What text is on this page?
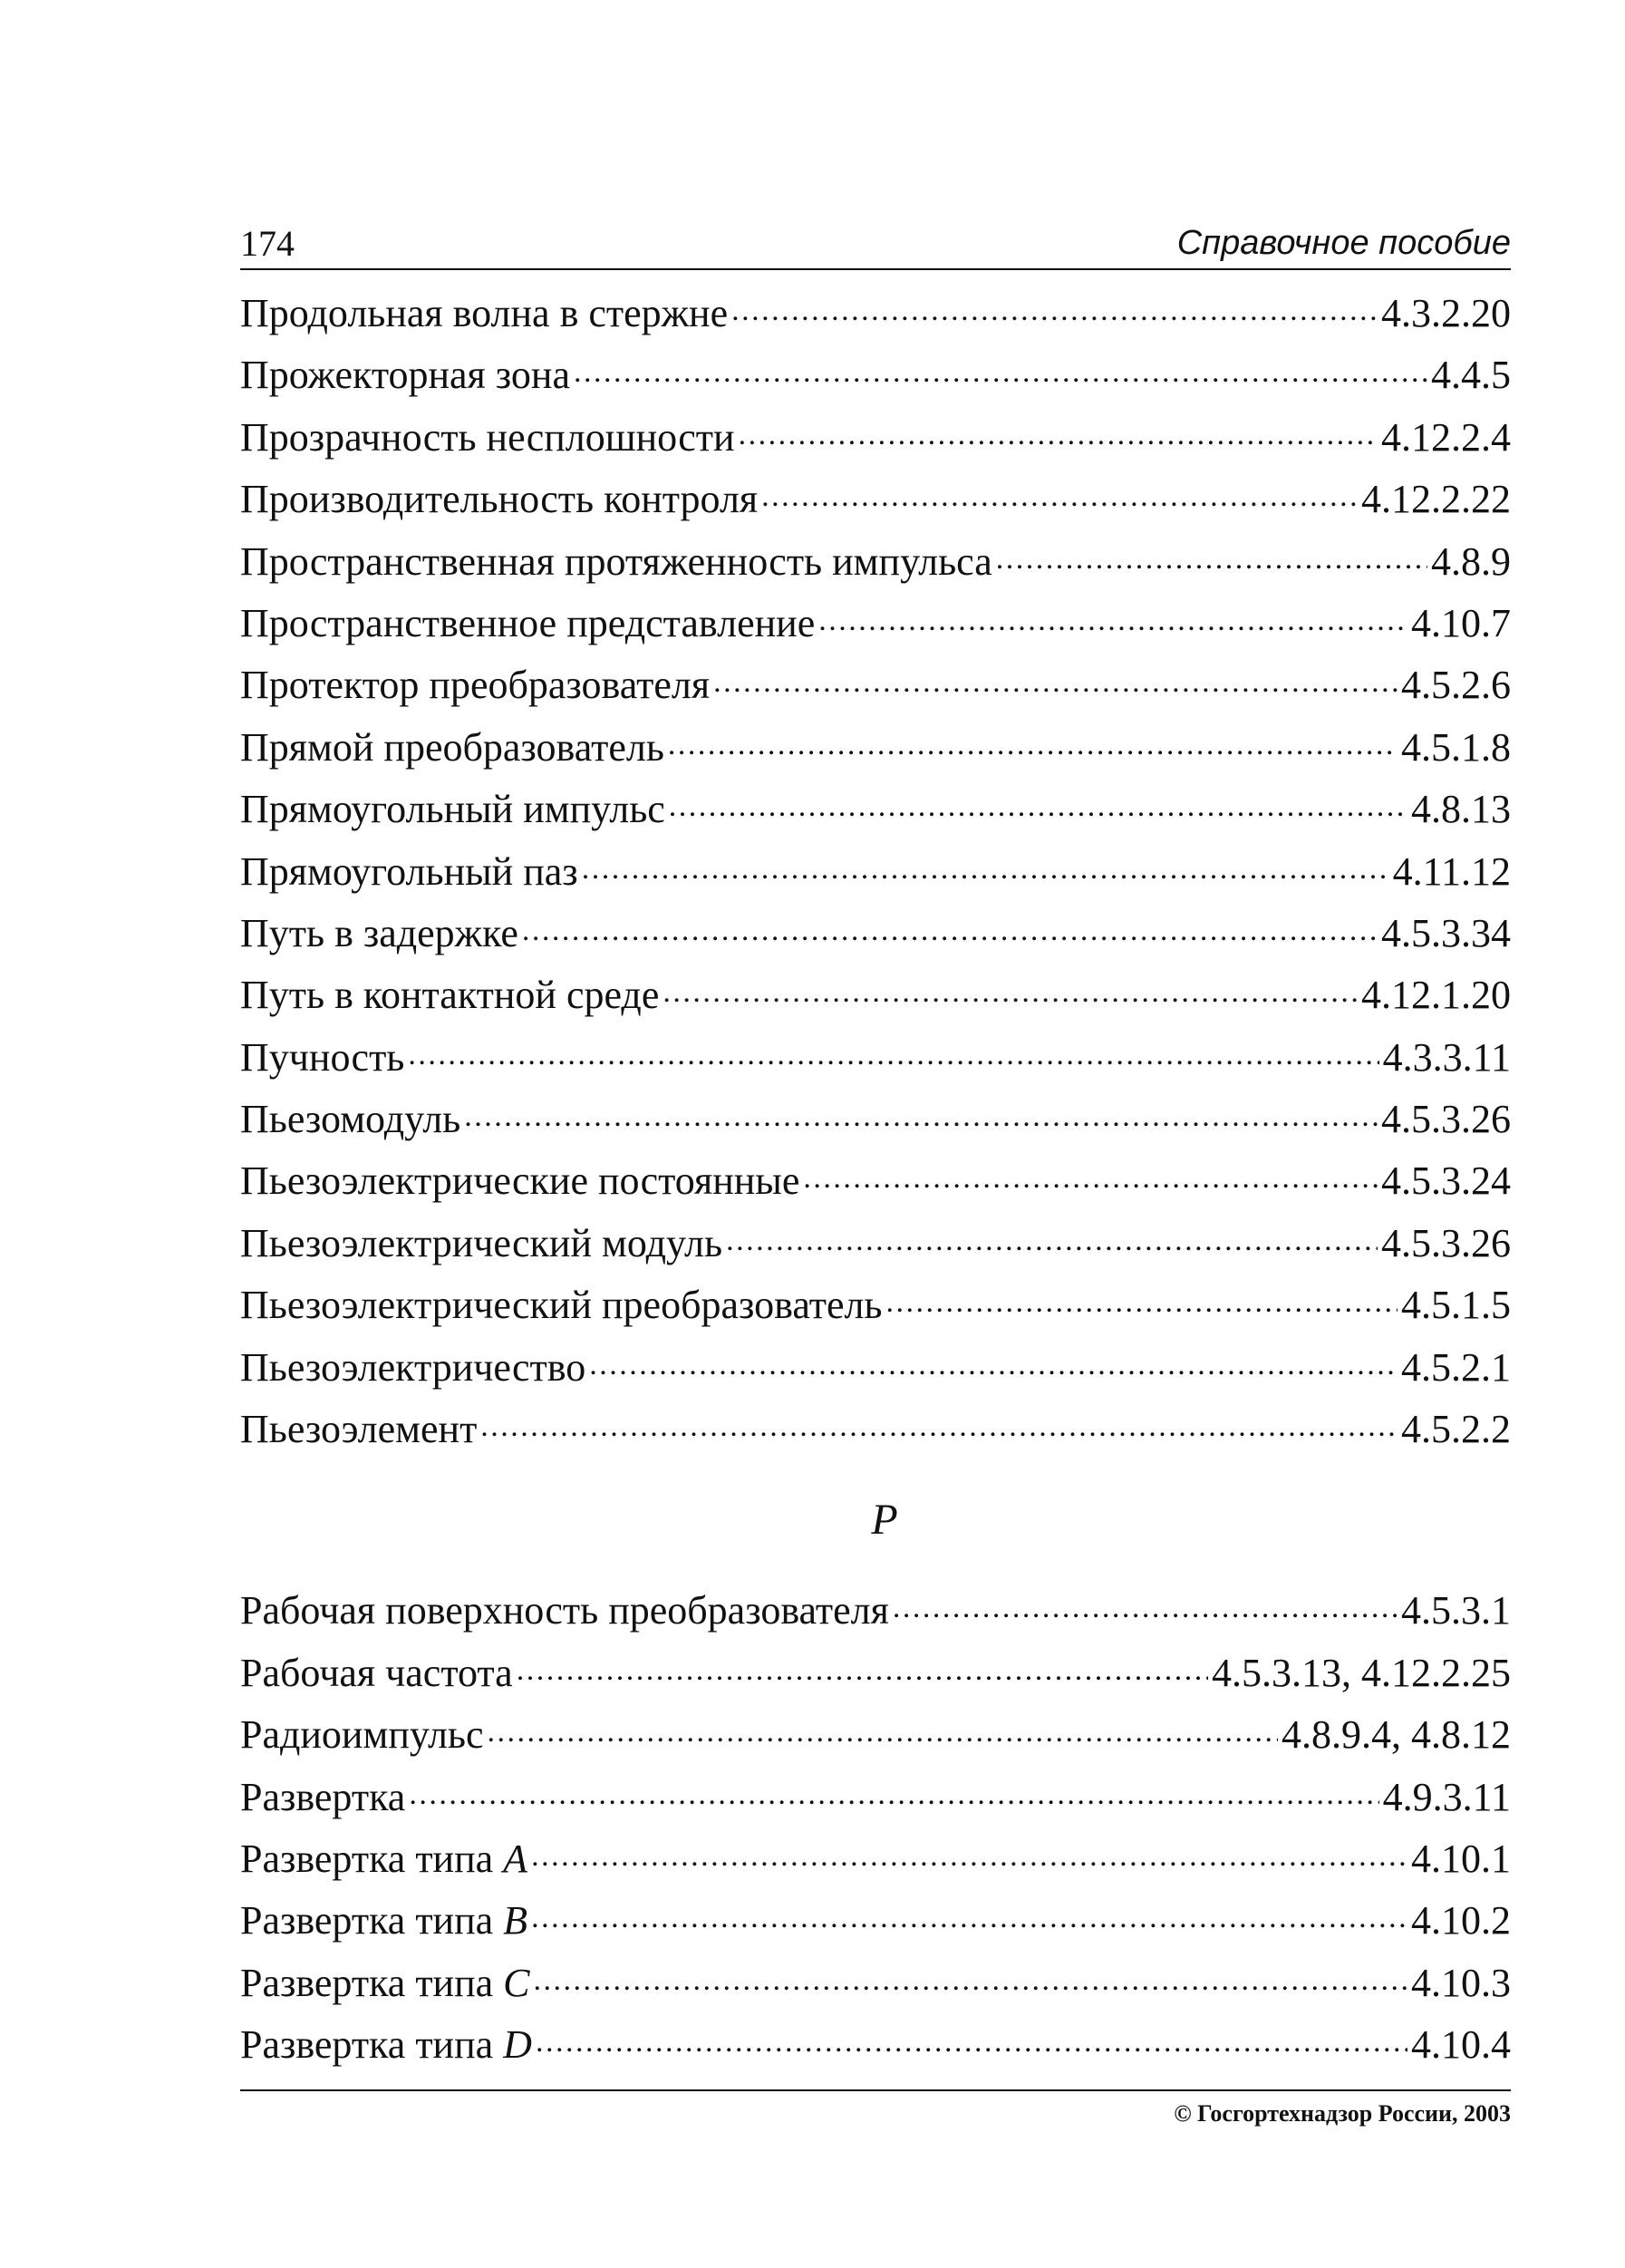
174	Справочное пособие
Продольная волна в стержне . . .	4.3.2.20
Прожекторная зона . . .	4.4.5
Прозрачность несплошности . . .	4.12.2.4
Производительность контроля . . .	4.12.2.22
Пространственная протяженность импульса . . .	4.8.9
Пространственное представление . . .	4.10.7
Протектор преобразователя . . .	4.5.2.6
Прямой преобразователь . . .	4.5.1.8
Прямоугольный импульс . . .	4.8.13
Прямоугольный паз . . .	4.11.12
Путь в задержке . . .	4.5.3.34
Путь в контактной среде . . .	4.12.1.20
Пучность . . .	4.3.3.11
Пьезомодуль . . .	4.5.3.26
Пьезоэлектрические постоянные . . .	4.5.3.24
Пьезоэлектрический модуль . . .	4.5.3.26
Пьезоэлектрический преобразователь . . .	4.5.1.5
Пьезоэлектричество . . .	4.5.2.1
Пьезоэлемент . . .	4.5.2.2
Р
Рабочая поверхность преобразователя . . .	4.5.3.1
Рабочая частота . . .	4.5.3.13, 4.12.2.25
Радиоимпульс . . .	4.8.9.4, 4.8.12
Развертка . . .	4.9.3.11
Развертка типа A . . .	4.10.1
Развертка типа B . . .	4.10.2
Развертка типа C . . .	4.10.3
Развертка типа D . . .	4.10.4
© Госгортехнадзор России, 2003
